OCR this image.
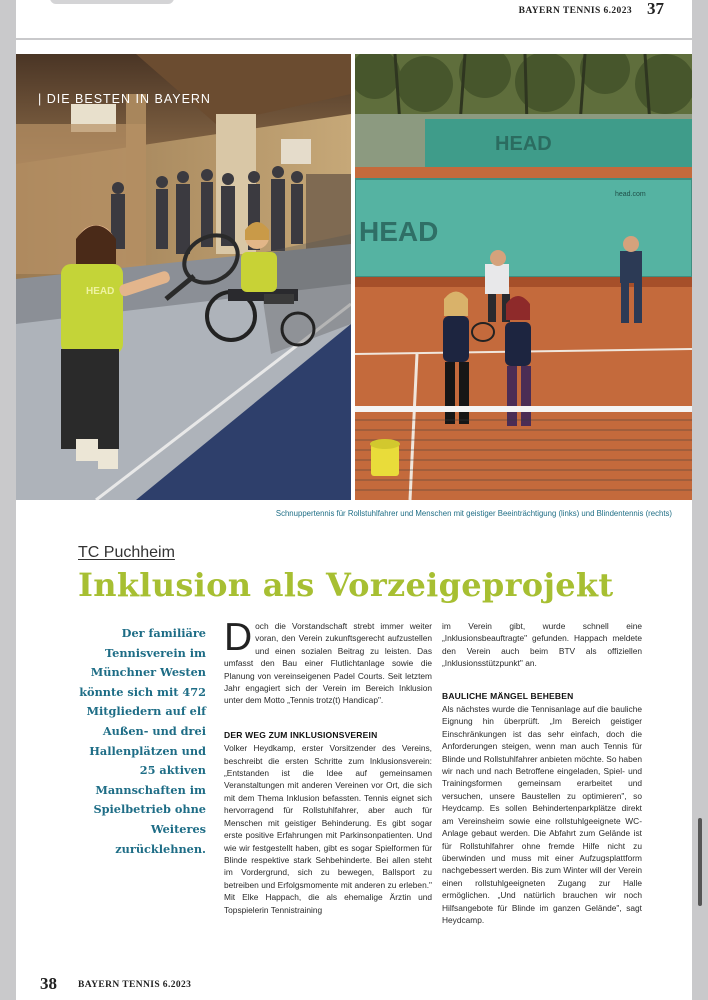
BAYERN TENNIS 6.2023 37
HEAD
| DIE BESTEN IN BAYERN
HEAD
HEAD
head.com
Schnuppertennis für Rollstuhlfahrer und Menschen mit geistiger Beeinträchtigung (links) und Blindentennis (rechts)
TC Puchheim
Inklusion als Vorzeigeprojekt
Der familiäre Tennisverein im Münchner Westen könnte sich mit 472 Mitgliedern auf elf Außen- und drei Hallenplätzen und 25 aktiven Mannschaften im Spielbetrieb ohne Weiteres zurücklehnen.

Doch die Vorstandschaft strebt immer weiter voran, den Verein zukunftsgerecht aufzustellen und einen sozialen Beitrag zu leisten. Das umfasst den Bau einer Flutlichtanlage sowie die Planung von vereinseigenen Padel Courts. Seit letztem Jahr engagiert sich der Verein im Bereich Inklusion unter dem Motto „Tennis trotz(t) Handicap".

DER WEG ZUM INKLUSIONSVEREIN

Volker Heydkamp, erster Vorsitzender des Vereins, beschreibt die ersten Schritte zum Inklusionsverein: „Entstanden ist die Idee auf gemeinsamen Veranstaltungen mit anderen Vereinen vor Ort, die sich mit dem Thema Inklusion befassten. Tennis eignet sich hervorragend für Rollstuhlfahrer, aber auch für Menschen mit geistiger Behinderung. Es gibt sogar erste positive Erfahrungen mit Parkinsonpatienten. Und wie wir festgestellt haben, gibt es sogar Spielformen für Blinde respektive stark Sehbehinderte. Bei allen steht im Vordergrund, sich zu bewegen, Ballsport zu betreiben und Erfolgsmomente mit anderen zu erleben." Mit Elke Happach, die als ehemalige Ärztin und Topspielerin Tennistraining

im Verein gibt, wurde schnell eine „Inklusionsbeauftragte" gefunden. Happach meldete den Verein auch beim BTV als offiziellen „Inklusionsstützpunkt" an.

BAULICHE MÄNGEL BEHEBEN

Als nächstes wurde die Tennisanlage auf die bauliche Eignung hin überprüft. „Im Bereich geistiger Einschränkungen ist das sehr einfach, doch die Anforderungen steigen, wenn man auch Tennis für Blinde und Rollstuhlfahrer anbieten möchte. So haben wir nach und nach Betroffene eingeladen, Spiel- und Trainingsformen gemeinsam erarbeitet und versuchen, unsere Baustellen zu optimieren", so Heydcamp. Es sollen Behindertenparkplätze direkt am Vereinsheim sowie eine rollstuhlgeeignete WC-Anlage gebaut werden. Die Abfahrt zum Gelände ist für Rollstuhlfahrer ohne fremde Hilfe nicht zu überwinden und muss mit einer Aufzugsplattform nachgebessert werden. Bis zum Winter will der Verein einen rollstuhlgeeigneten Zugang zur Halle ermöglichen. „Und natürlich brauchen wir noch Hilfsangebote für Blinde im ganzen Gelände", sagt Heydcamp.

38 BAYERN TENNIS 6.2023
